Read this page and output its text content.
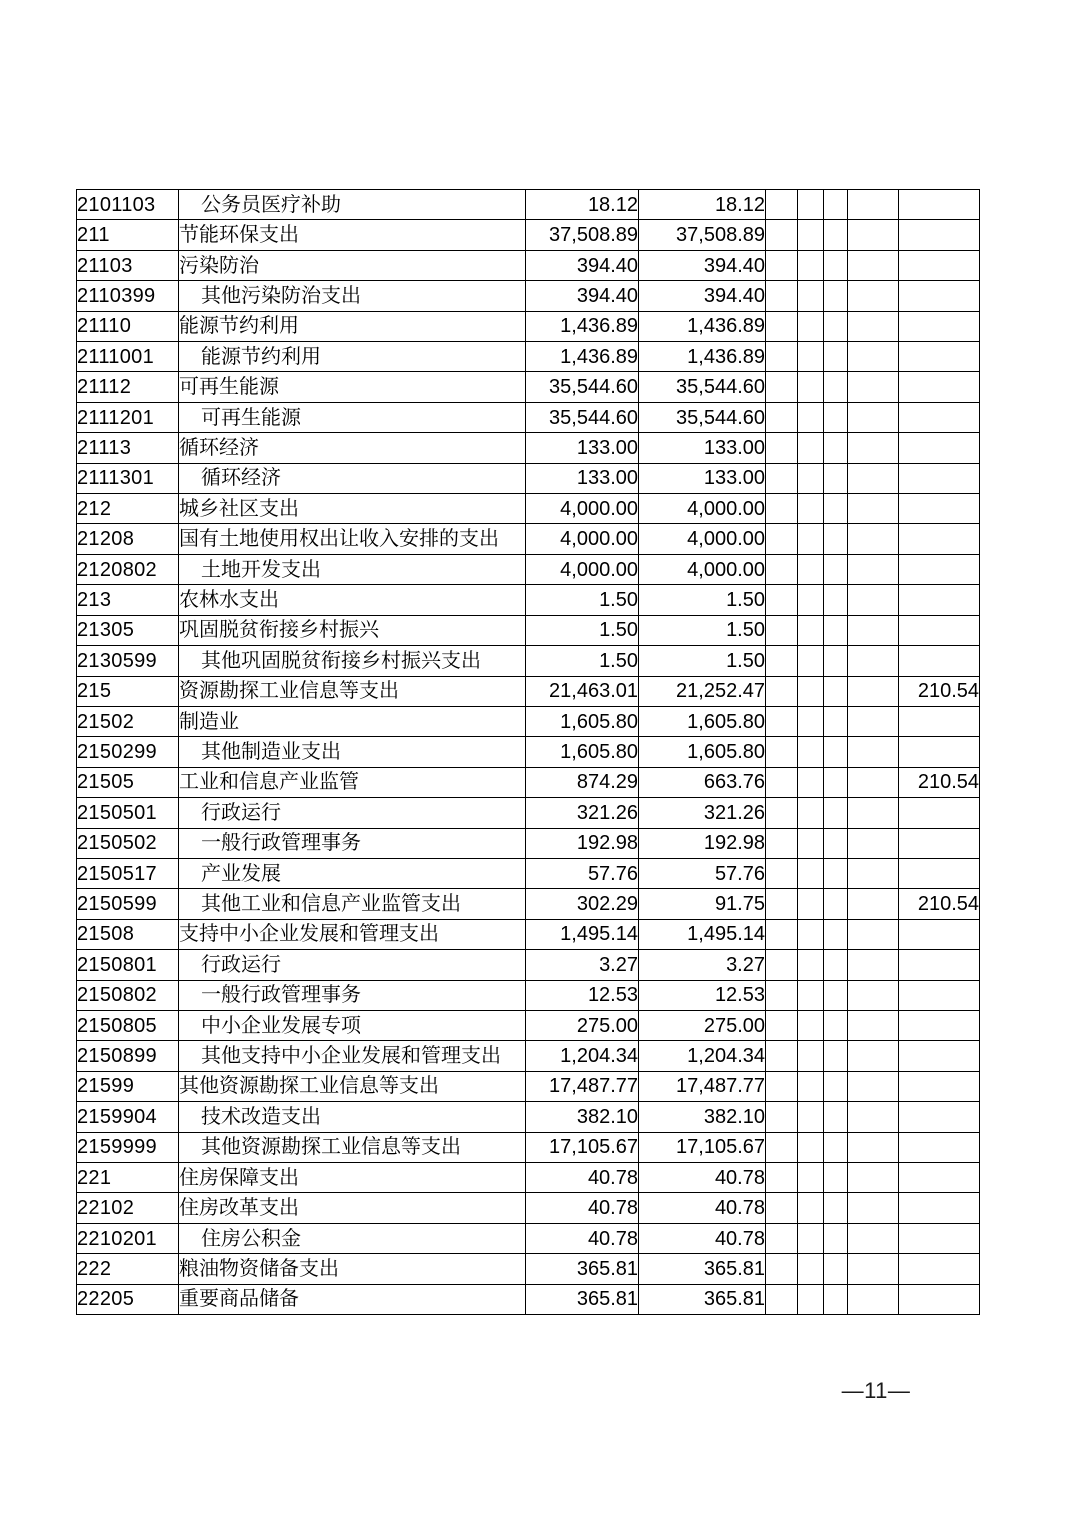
2101103	公务员医疗补助	18.12	18.12					
211	节能环保支出	37,508.89	37,508.89					
21103	污染防治	394.40	394.40					
2110399	其他污染防治支出	394.40	394.40					
21110	能源节约利用	1,436.89	1,436.89					
2111001	能源节约利用	1,436.89	1,436.89					
21112	可再生能源	35,544.60	35,544.60					
2111201	可再生能源	35,544.60	35,544.60					
21113	循环经济	133.00	133.00					
2111301	循环经济	133.00	133.00					
212	城乡社区支出	4,000.00	4,000.00					
21208	国有土地使用权出让收入安排的支出	4,000.00	4,000.00					
2120802	土地开发支出	4,000.00	4,000.00					
213	农林水支出	1.50	1.50					
21305	巩固脱贫衔接乡村振兴	1.50	1.50					
2130599	其他巩固脱贫衔接乡村振兴支出	1.50	1.50					
215	资源勘探工业信息等支出	21,463.01	21,252.47					210.54
21502	制造业	1,605.80	1,605.80					
2150299	其他制造业支出	1,605.80	1,605.80					
21505	工业和信息产业监管	874.29	663.76					210.54
2150501	行政运行	321.26	321.26					
2150502	一般行政管理事务	192.98	192.98					
2150517	产业发展	57.76	57.76					
2150599	其他工业和信息产业监管支出	302.29	91.75					210.54
21508	支持中小企业发展和管理支出	1,495.14	1,495.14					
2150801	行政运行	3.27	3.27					
2150802	一般行政管理事务	12.53	12.53					
2150805	中小企业发展专项	275.00	275.00					
2150899	其他支持中小企业发展和管理支出	1,204.34	1,204.34					
21599	其他资源勘探工业信息等支出	17,487.77	17,487.77					
2159904	技术改造支出	382.10	382.10					
2159999	其他资源勘探工业信息等支出	17,105.67	17,105.67					
221	住房保障支出	40.78	40.78					
22102	住房改革支出	40.78	40.78					
2210201	住房公积金	40.78	40.78					
222	粮油物资储备支出	365.81	365.81					
22205	重要商品储备	365.81	365.81					
—11—
